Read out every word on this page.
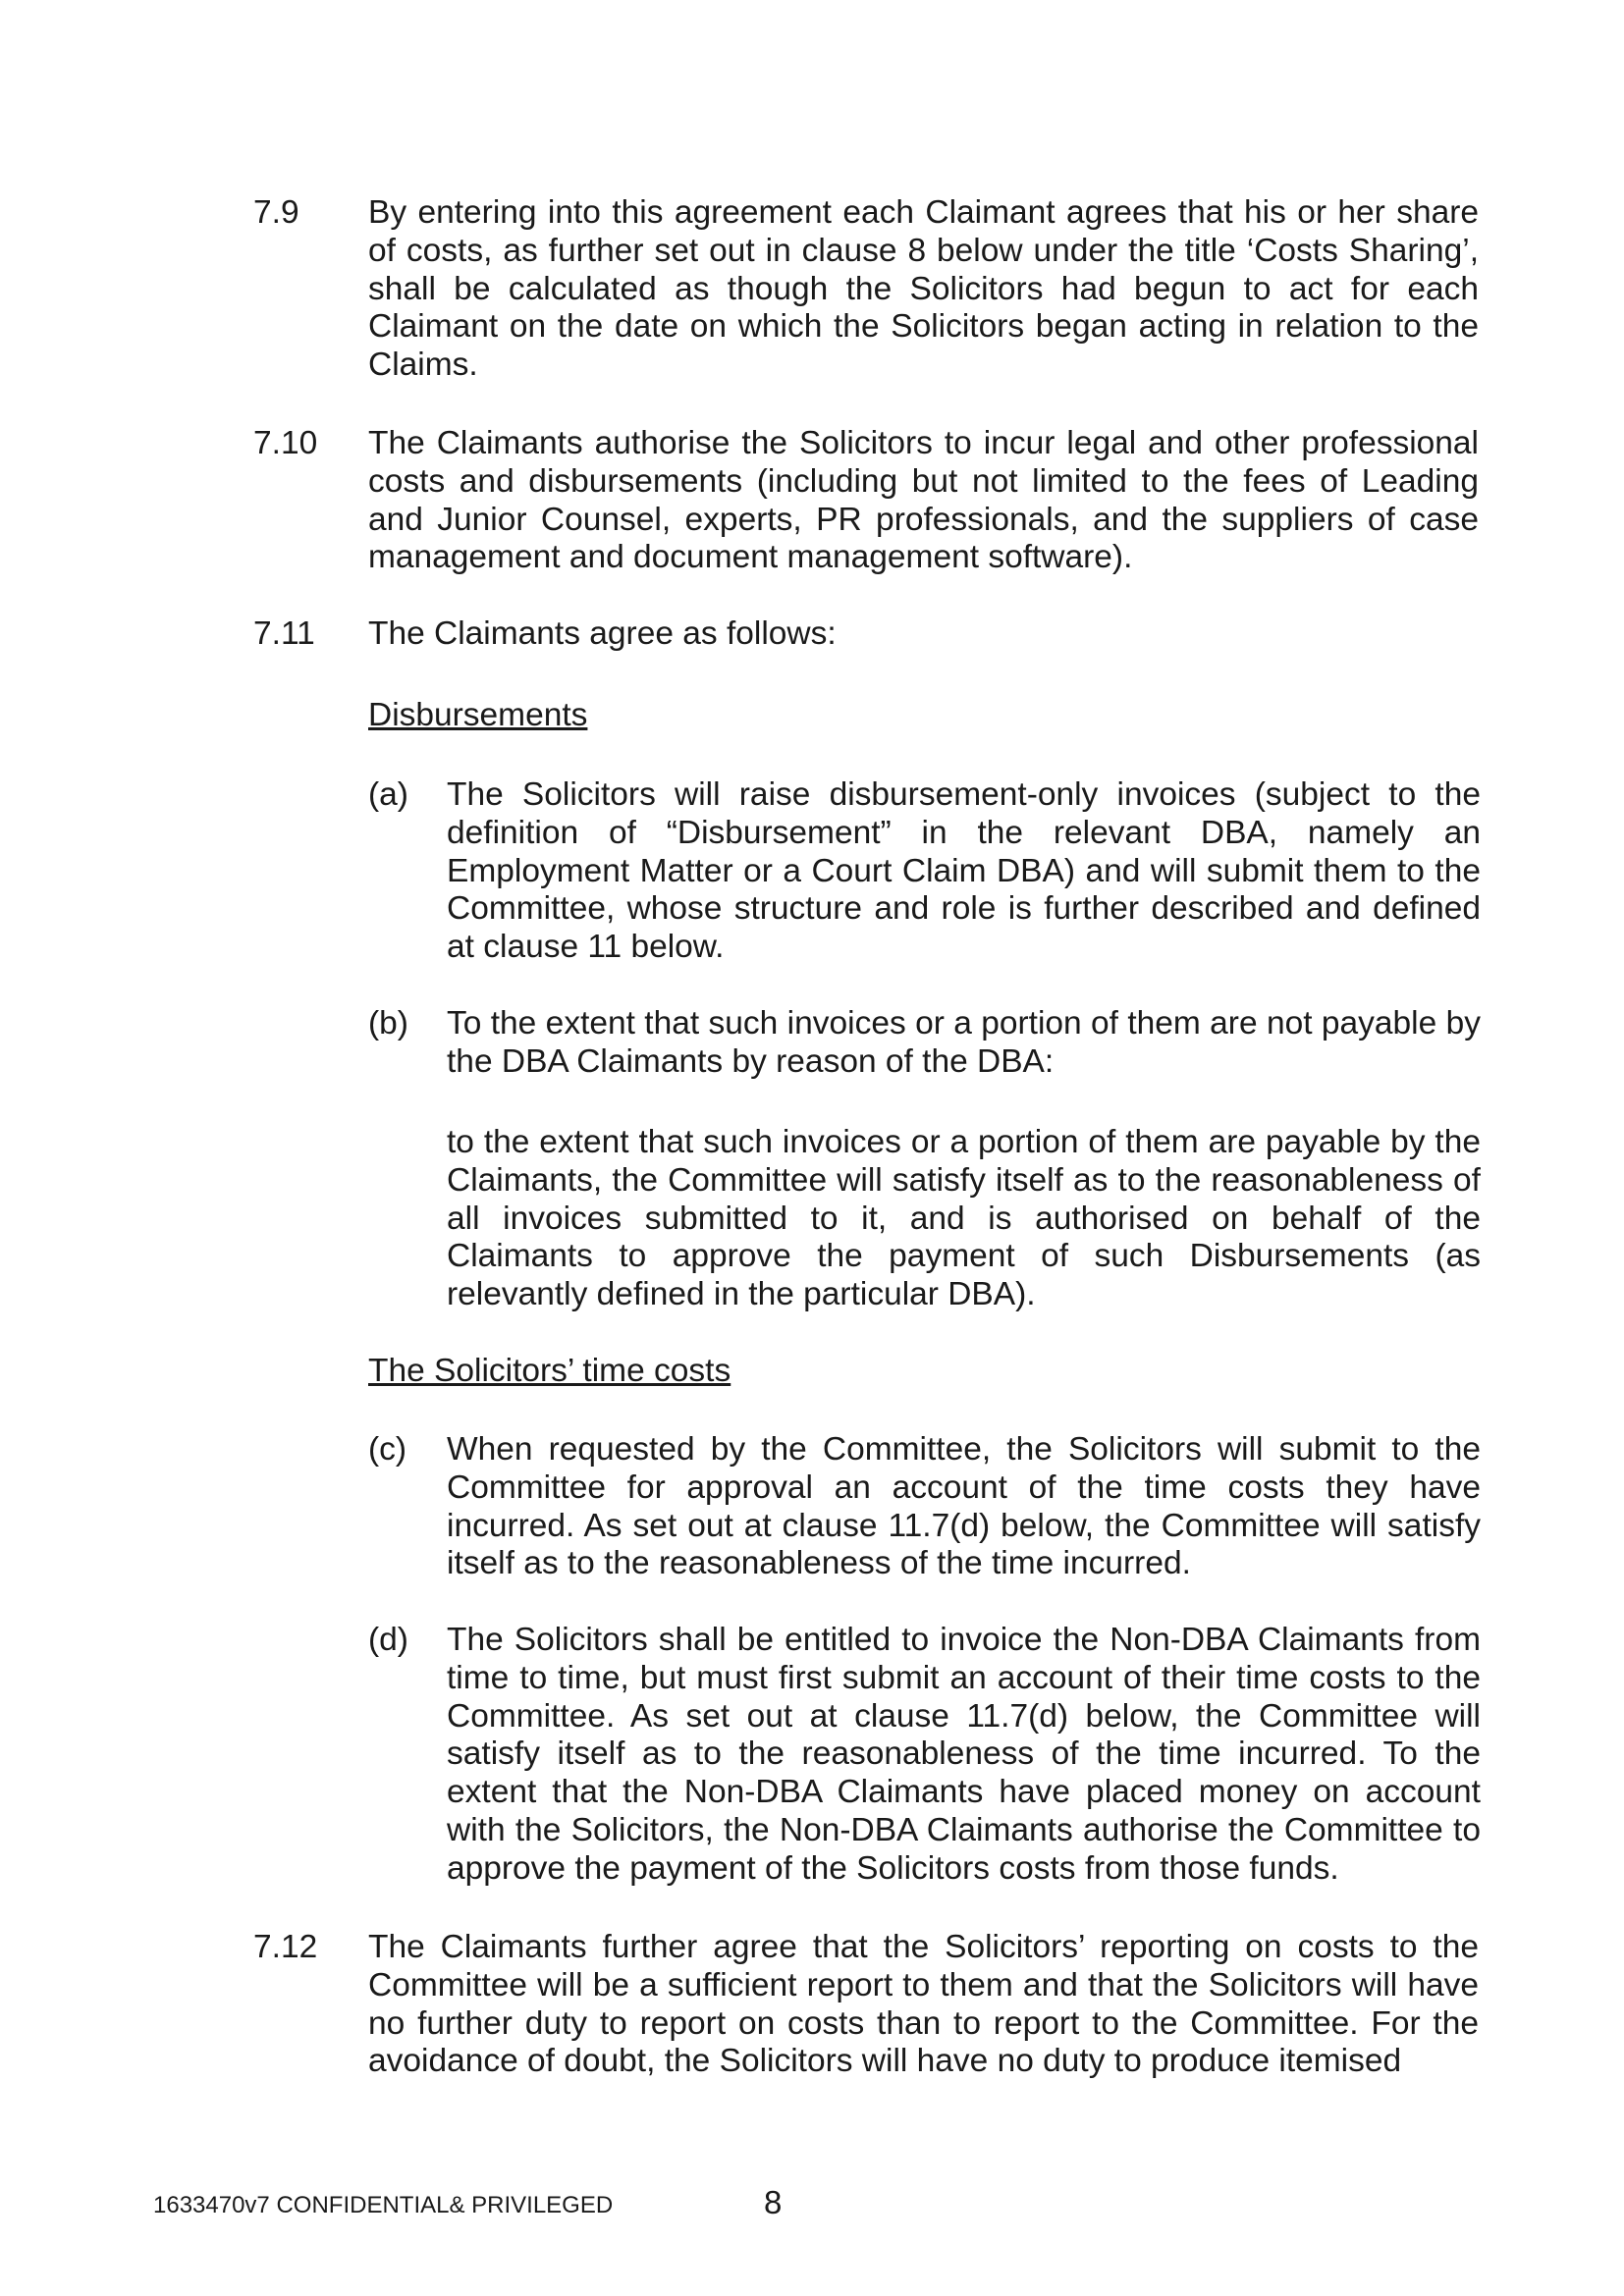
7.9 By entering into this agreement each Claimant agrees that his or her share of costs, as further set out in clause 8 below under the title ‘Costs Sharing’, shall be calculated as though the Solicitors had begun to act for each Claimant on the date on which the Solicitors began acting in relation to the Claims.

7.10 The Claimants authorise the Solicitors to incur legal and other professional costs and disbursements (including but not limited to the fees of Leading and Junior Counsel, experts, PR professionals, and the suppliers of case management and document management software).

7.11 The Claimants agree as follows:

Disbursements
(a) The Solicitors will raise disbursement-only invoices (subject to the definition of “Disbursement” in the relevant DBA, namely an Employment Matter or a Court Claim DBA) and will submit them to the Committee, whose structure and role is further described and defined at clause 11 below.

(b) To the extent that such invoices or a portion of them are not payable by the DBA Claimants by reason of the DBA:

to the extent that such invoices or a portion of them are payable by the Claimants, the Committee will satisfy itself as to the reasonableness of all invoices submitted to it, and is authorised on behalf of the Claimants to approve the payment of such Disbursements (as relevantly defined in the particular DBA).

The Solicitors’ time costs
(c) When requested by the Committee, the Solicitors will submit to the Committee for approval an account of the time costs they have incurred. As set out at clause 11.7(d) below, the Committee will satisfy itself as to the reasonableness of the time incurred.

(d) The Solicitors shall be entitled to invoice the Non-DBA Claimants from time to time, but must first submit an account of their time costs to the Committee. As set out at clause 11.7(d) below, the Committee will satisfy itself as to the reasonableness of the time incurred. To the extent that the Non-DBA Claimants have placed money on account with the Solicitors, the Non-DBA Claimants authorise the Committee to approve the payment of the Solicitors costs from those funds.

7.12 The Claimants further agree that the Solicitors’ reporting on costs to the Committee will be a sufficient report to them and that the Solicitors will have no further duty to report on costs than to report to the Committee. For the avoidance of doubt, the Solicitors will have no duty to produce itemised

1633470v7 CONFIDENTIAL& PRIVILEGED	8
